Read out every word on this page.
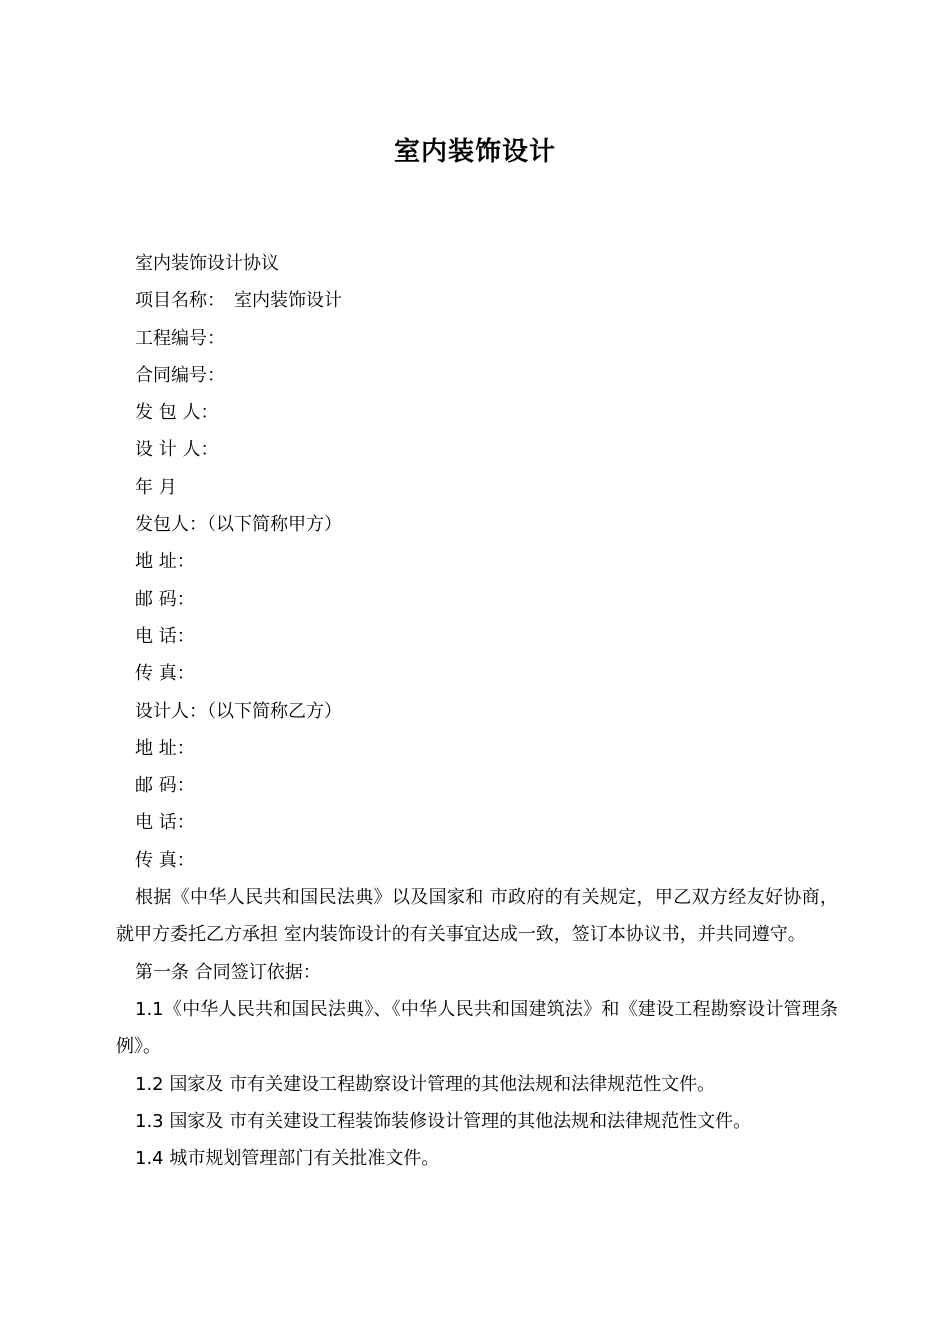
室内装饰设计
室内装饰设计协议
项目名称：　室内装饰设计
工程编号：
合同编号：
发 包 人：
设 计 人：
年 月
发包人：（以下简称甲方）
地 址：
邮 码：
电 话：
传 真：
设计人：（以下简称乙方）
地 址：
邮 码：
电 话：
传 真：
根据《中华人民共和国民法典》以及国家和 市政府的有关规定，甲乙双方经友好协商，就甲方委托乙方承担 室内装饰设计的有关事宜达成一致，签订本协议书，并共同遵守。
第一条 合同签订依据：
1.1《中华人民共和国民法典》、《中华人民共和国建筑法》和《建设工程勘察设计管理条例》。
1.2 国家及 市有关建设工程勘察设计管理的其他法规和法律规范性文件。
1.3 国家及 市有关建设工程装饰装修设计管理的其他法规和法律规范性文件。
1.4 城市规划管理部门有关批准文件。
